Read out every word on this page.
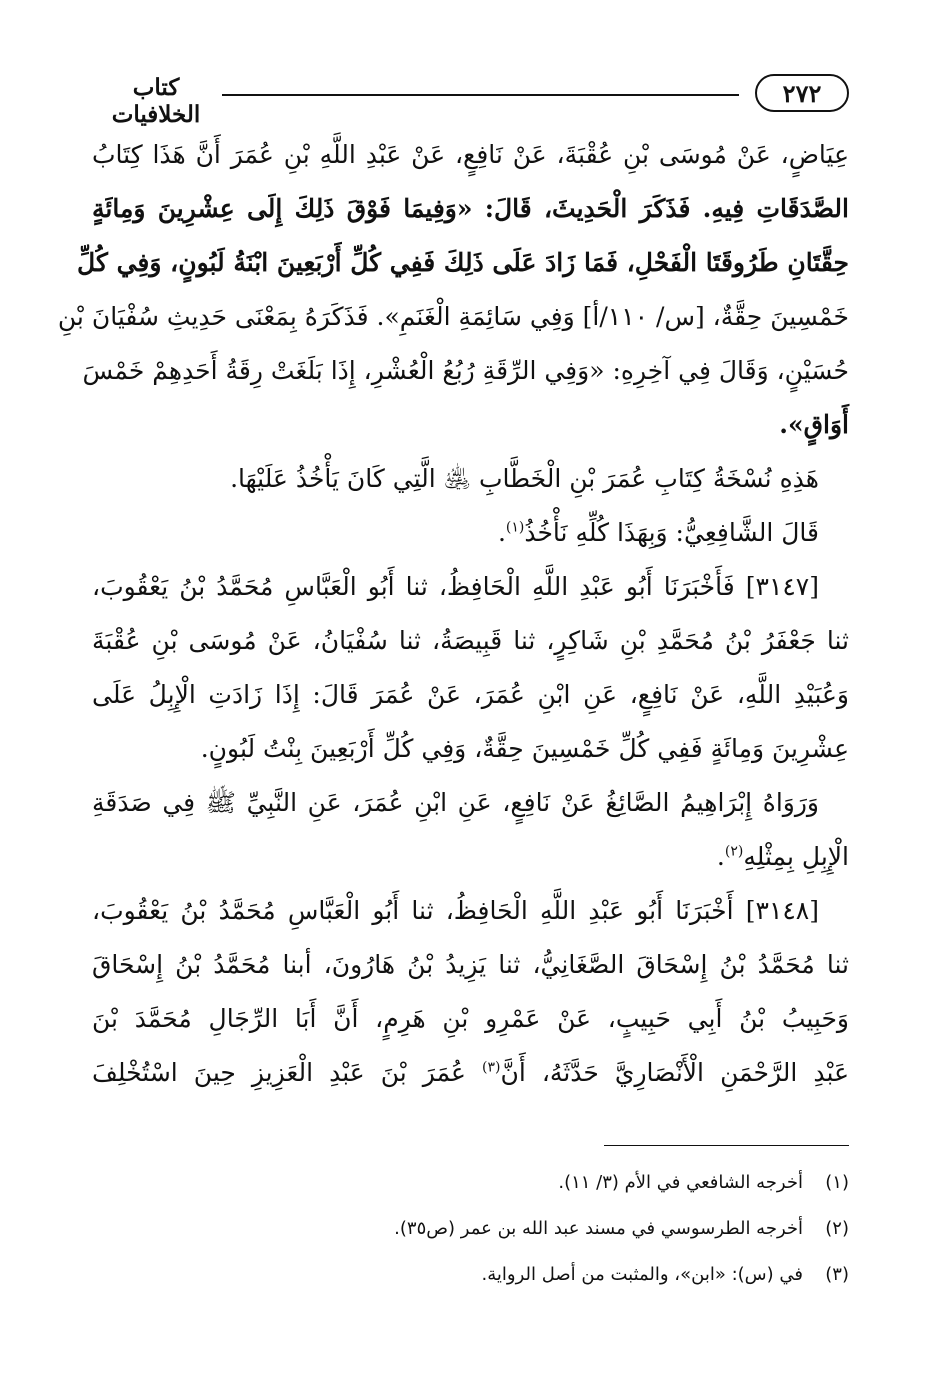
٢٧٢
كتاب الخلافيات
عِيَاضٍ، عَنْ مُوسَى بْنِ عُقْبَةَ، عَنْ نَافِعٍ، عَنْ عَبْدِ اللَّهِ بْنِ عُمَرَ أَنَّ هَذَا كِتَابُ
الصَّدَقَاتِ فِيهِ. فَذَكَرَ الْحَدِيثَ، قَالَ: «وَفِيمَا فَوْقَ ذَلِكَ إِلَى عِشْرِينَ وَمِائَةٍ
حِقَّتَانِ طَرُوقَتَا الْفَحْلِ، فَمَا زَادَ عَلَى ذَلِكَ فَفِي كُلِّ أَرْبَعِينَ ابْنَةُ لَبُونٍ، وَفِي كُلِّ
خَمْسِينَ حِقَّةٌ، [س/ ١١٠/أ] وَفِي سَائِمَةِ الْغَنَمِ». فَذَكَرَهُ بِمَعْنَى حَدِيثِ سُفْيَانَ بْنِ
حُسَيْنٍ، وَقَالَ فِي آخِرِهِ: «وَفِي الرِّقَةِ رُبُعُ الْعُشْرِ، إِذَا بَلَغَتْ رِقَةُ أَحَدِهِمْ خَمْسَ
أَوَاقٍ».
هَذِهِ نُسْخَةُ كِتَابِ عُمَرَ بْنِ الْخَطَّابِ ﵁ الَّتِي كَانَ يَأْخُذُ عَلَيْهَا.
قَالَ الشَّافِعِيُّ: وَبِهَذَا كُلِّهِ نَأْخُذُ$^{(١)}$.
[٣١٤٧] فَأَخْبَرَنَا أَبُو عَبْدِ اللَّهِ الْحَافِظُ، ثنا أَبُو الْعَبَّاسِ مُحَمَّدُ بْنُ يَعْقُوبَ،
ثنا جَعْفَرُ بْنُ مُحَمَّدِ بْنِ شَاكِرٍ، ثنا قَبِيصَةُ، ثنا سُفْيَانُ، عَنْ مُوسَى بْنِ عُقْبَةَ
وَعُبَيْدِ اللَّهِ، عَنْ نَافِعٍ، عَنِ ابْنِ عُمَرَ، عَنْ عُمَرَ قَالَ: إِذَا زَادَتِ الْإِبِلُ عَلَى
عِشْرِينَ وَمِائَةٍ فَفِي كُلِّ خَمْسِينَ حِقَّةٌ، وَفِي كُلِّ أَرْبَعِينَ بِنْتُ لَبُونٍ.
وَرَوَاهُ إِبْرَاهِيمُ الصَّائِغُ عَنْ نَافِعٍ، عَنِ ابْنِ عُمَرَ، عَنِ النَّبِيِّ ﷺ فِي صَدَقَةِ
الْإِبِلِ بِمِثْلِهِ$^{(٢)}$.
[٣١٤٨] أَخْبَرَنَا أَبُو عَبْدِ اللَّهِ الْحَافِظُ، ثنا أَبُو الْعَبَّاسِ مُحَمَّدُ بْنُ يَعْقُوبَ،
ثنا مُحَمَّدُ بْنُ إِسْحَاقَ الصَّغَانِيُّ، ثنا يَزِيدُ بْنُ هَارُونَ، أبنا مُحَمَّدُ بْنُ إِسْحَاقَ
وَحَبِيبُ بْنُ أَبِي حَبِيبٍ، عَنْ عَمْرِو بْنِ هَرِمٍ، أَنَّ أَبَا الرِّجَالِ مُحَمَّدَ بْنَ
عَبْدِ الرَّحْمَنِ الْأَنْصَارِيَّ حَدَّثَهُ، أَنَّ$^{(٣)}$ عُمَرَ بْنَ عَبْدِ الْعَزِيزِ حِينَ اسْتُخْلِفَ
(١)أخرجه الشافعي في الأم (٣/ ١١).
(٢)أخرجه الطرسوسي في مسند عبد الله بن عمر (ص٣٥).
(٣)في (س): «ابن»، والمثبت من أصل الرواية.
